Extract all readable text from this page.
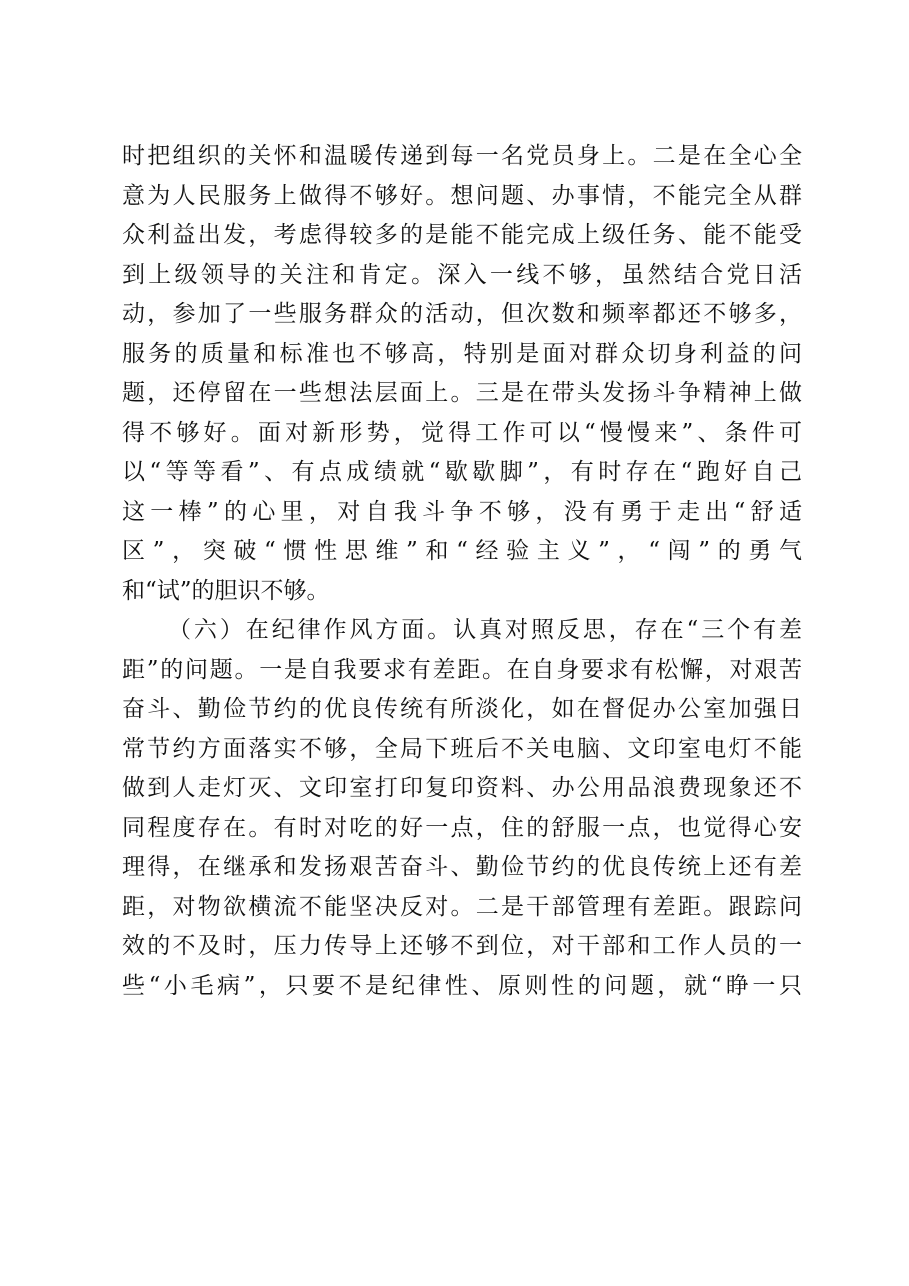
时把组织的关怀和温暖传递到每一名党员身上。二是在全心全
意为人民服务上做得不够好。想问题、办事情，不能完全从群
众利益出发，考虑得较多的是能不能完成上级任务、能不能受
到上级领导的关注和肯定。深入一线不够，虽然结合党日活
动，参加了一些服务群众的活动，但次数和频率都还不够多，
服务的质量和标准也不够高，特别是面对群众切身利益的问
题，还停留在一些想法层面上。三是在带头发扬斗争精神上做
得不够好。面对新形势，觉得工作可以“慢慢来”、条件可
以“等等看”、有点成绩就“歇歇脚”，有时存在“跑好自己
这一棒”的心里，对自我斗争不够，没有勇于走出“舒适
区”，突破“惯性思维”和“经验主义”，“闯”的勇气
和“试”的胆识不够。
（六）在纪律作风方面。认真对照反思，存在“三个有差
距”的问题。一是自我要求有差距。在自身要求有松懈，对艰苦
奋斗、勤俭节约的优良传统有所淡化，如在督促办公室加强日
常节约方面落实不够，全局下班后不关电脑、文印室电灯不能
做到人走灯灭、文印室打印复印资料、办公用品浪费现象还不
同程度存在。有时对吃的好一点，住的舒服一点，也觉得心安
理得，在继承和发扬艰苦奋斗、勤俭节约的优良传统上还有差
距，对物欲横流不能坚决反对。二是干部管理有差距。跟踪问
效的不及时，压力传导上还够不到位，对干部和工作人员的一
些“小毛病”，只要不是纪律性、原则性的问题，就“睁一只
